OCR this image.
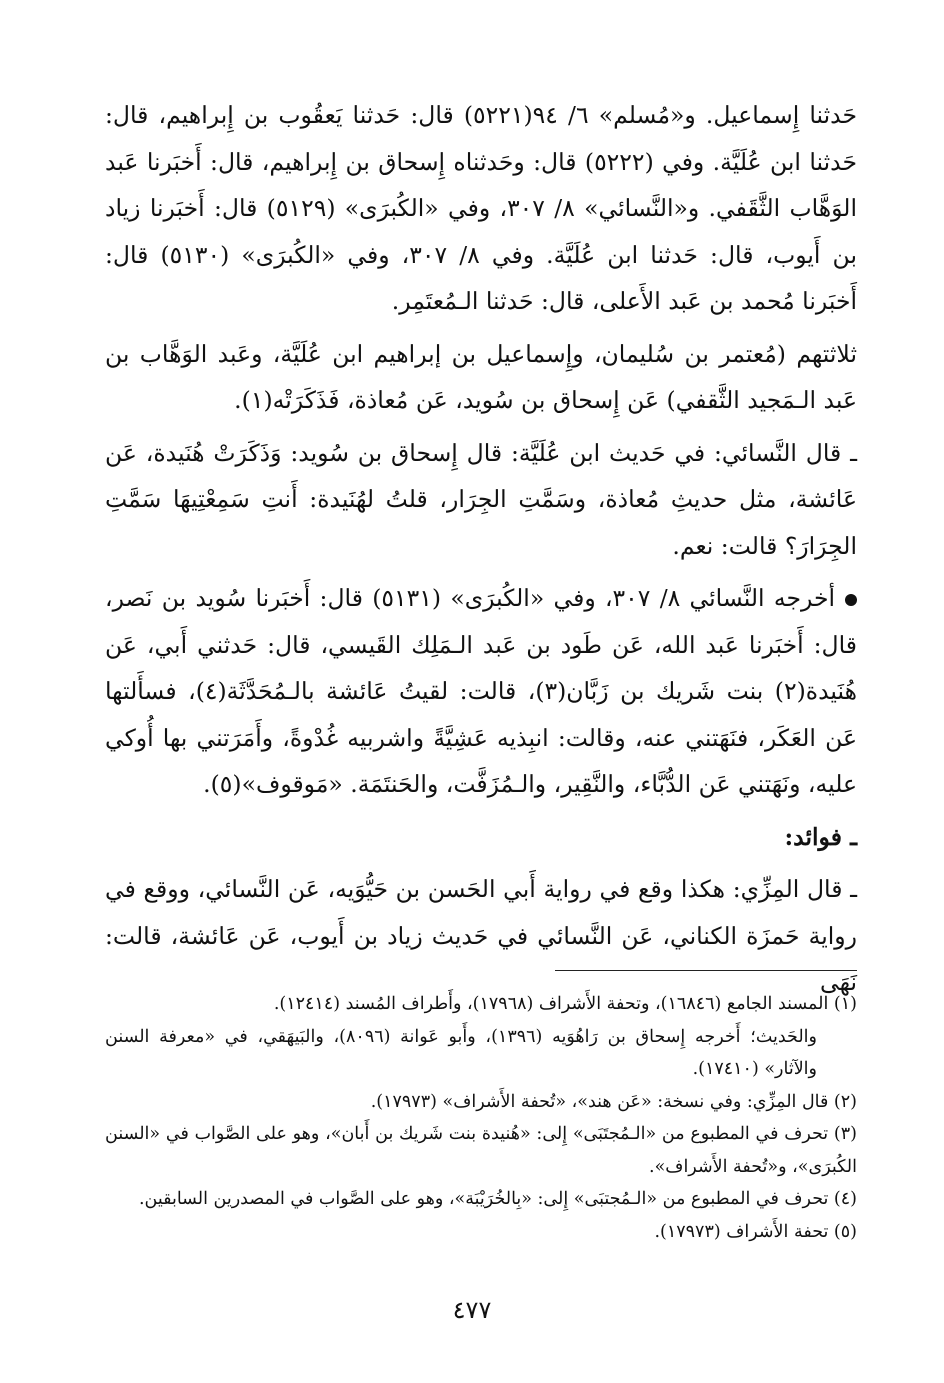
حَدثنا إِسماعيل. و«مُسلم» ٦/ ٩٤(٥٢٢١) قال: حَدثنا يَعقُوب بن إِبراهيم، قال: حَدثنا ابن عُلَيَّة. وفي (٥٢٢٢) قال: وحَدثناه إِسحاق بن إِبراهيم، قال: أَخبَرنا عَبد الوَهَّاب الثَّقَفي. و«النَّسائي» ٨/ ٣٠٧، وفي «الكُبرَى» (٥١٢٩) قال: أَخبَرنا زياد بن أَيوب، قال: حَدثنا ابن عُلَيَّة. وفي ٨/ ٣٠٧، وفي «الكُبرَى» (٥١٣٠) قال: أَخبَرنا مُحمد بن عَبد الأَعلى، قال: حَدثنا الـمُعتَمِر.

ثلاثتهم (مُعتمر بن سُليمان، وإِسماعيل بن إبراهيم ابن عُلَيَّة، وعَبد الوَهَّاب بن عَبد الـمَجيد الثَّقفي) عَن إِسحاق بن سُويد، عَن مُعاذة، فَذَكَرَتْه(١).

ـ قال النَّسائي: في حَديث ابن عُلَيَّة: قال إِسحاق بن سُويد: وَذَكَرَتْ هُنَيدة، عَن عَائشة، مثل حديثِ مُعاذة، وسَمَّتِ الجِرَار، قلتُ لهُنَيدة: أَنتِ سَمِعْتِيهَا سَمَّتِ الجِرَارَ؟ قالت: نعم.

أخرجه النَّسائي ٨/ ٣٠٧، وفي «الكُبرَى» (٥١٣١) قال: أَخبَرنا سُويد بن نَصر، قال: أَخبَرنا عَبد الله، عَن طَود بن عَبد الـمَلِك القَيسي، قال: حَدثني أَبي، عَن هُنَيدة(٢) بنت شَريك بن زَبَّان(٣)، قالت: لقيتُ عَائشة بالـمُحَدَّثَة(٤)، فسأَلتها عَن العَكَر، فنَهَتني عنه، وقالت: انبِذيه عَشِيَّةً واشربيه غُدْوةً، وأَمَرَتني بها أُوكي عليه، ونَهَتني عَن الدُّبَّاء، والنَّقِير، والـمُزَفَّت، والحَنتَمَة. «مَوقوف»(٥).

ـ فوائد:

ـ قال المِزِّي: هكذا وقع في رواية أَبي الحَسن بن حَيُّوَيه، عَن النَّسائي، ووقع في رواية حَمزَة الكناني، عَن النَّسائي في حَديث زياد بن أَيوب، عَن عَائشة، قالت: نَهَى

(١) المسند الجامع (١٦٨٤٦)، وتحفة الأَشراف (١٧٩٦٨)، وأَطراف المُسند (١٢٤١٤).

والحَديث؛ أَخرجه إِسحاق بن رَاهُوَيه (١٣٩٦)، وأَبو عَوانة (٨٠٩٦)، والبَيهَقي، في «معرفة السنن والآثار» (١٧٤١٠).

(٢) قال المِزِّي: وفي نسخة: «عَن هند»، «تُحفة الأَشراف» (١٧٩٧٣).

(٣) تحرف في المطبوع من «الـمُجتَبَى» إِلى: «هُنيدة بنت شَريك بن أَبان»، وهو على الصَّواب في «السنن الكُبرَى»، و«تُحفة الأَشراف».

(٤) تحرف في المطبوع من «الـمُجتبَى» إِلى: «بِالخُرَيْبَة»، وهو على الصَّواب في المصدرين السابقين.

(٥) تحفة الأَشراف (١٧٩٧٣).

٤٧٧
